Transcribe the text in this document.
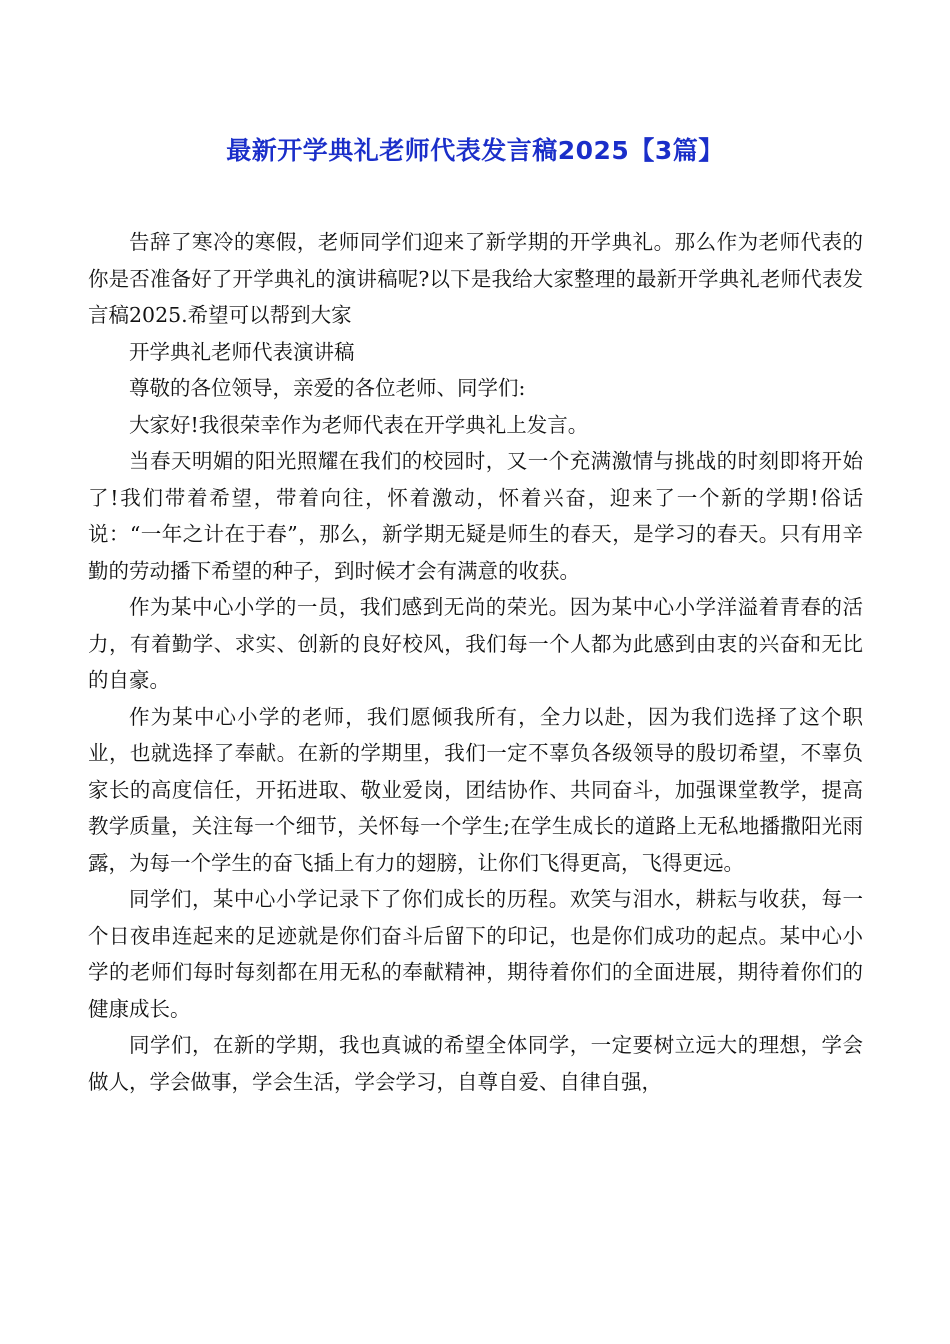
最新开学典礼老师代表发言稿2025【3篇】

告辞了寒冷的寒假，老师同学们迎来了新学期的开学典礼。那么作为老师代表的你是否准备好了开学典礼的演讲稿呢?以下是我给大家整理的最新开学典礼老师代表发言稿2025.希望可以帮到大家

开学典礼老师代表演讲稿

尊敬的各位领导，亲爱的各位老师、同学们:

大家好!我很荣幸作为老师代表在开学典礼上发言。

当春天明媚的阳光照耀在我们的校园时，又一个充满激情与挑战的时刻即将开始了!我们带着希望，带着向往，怀着激动，怀着兴奋，迎来了一个新的学期!俗话说：“一年之计在于春”，那么，新学期无疑是师生的春天，是学习的春天。只有用辛勤的劳动播下希望的种子，到时候才会有满意的收获。

作为某中心小学的一员，我们感到无尚的荣光。因为某中心小学洋溢着青春的活力，有着勤学、求实、创新的良好校风，我们每一个人都为此感到由衷的兴奋和无比的自豪。

作为某中心小学的老师，我们愿倾我所有，全力以赴，因为我们选择了这个职业，也就选择了奉献。在新的学期里，我们一定不辜负各级领导的殷切希望，不辜负家长的高度信任，开拓进取、敬业爱岗，团结协作、共同奋斗，加强课堂教学，提高教学质量，关注每一个细节，关怀每一个学生;在学生成长的道路上无私地播撒阳光雨露，为每一个学生的奋飞插上有力的翅膀，让你们飞得更高，飞得更远。

同学们，某中心小学记录下了你们成长的历程。欢笑与泪水，耕耘与收获，每一个日夜串连起来的足迹就是你们奋斗后留下的印记，也是你们成功的起点。某中心小学的老师们每时每刻都在用无私的奉献精神，期待着你们的全面进展，期待着你们的健康成长。

同学们，在新的学期，我也真诚的希望全体同学，一定要树立远大的理想，学会做人，学会做事，学会生活，学会学习，自尊自爱、自律自强，
